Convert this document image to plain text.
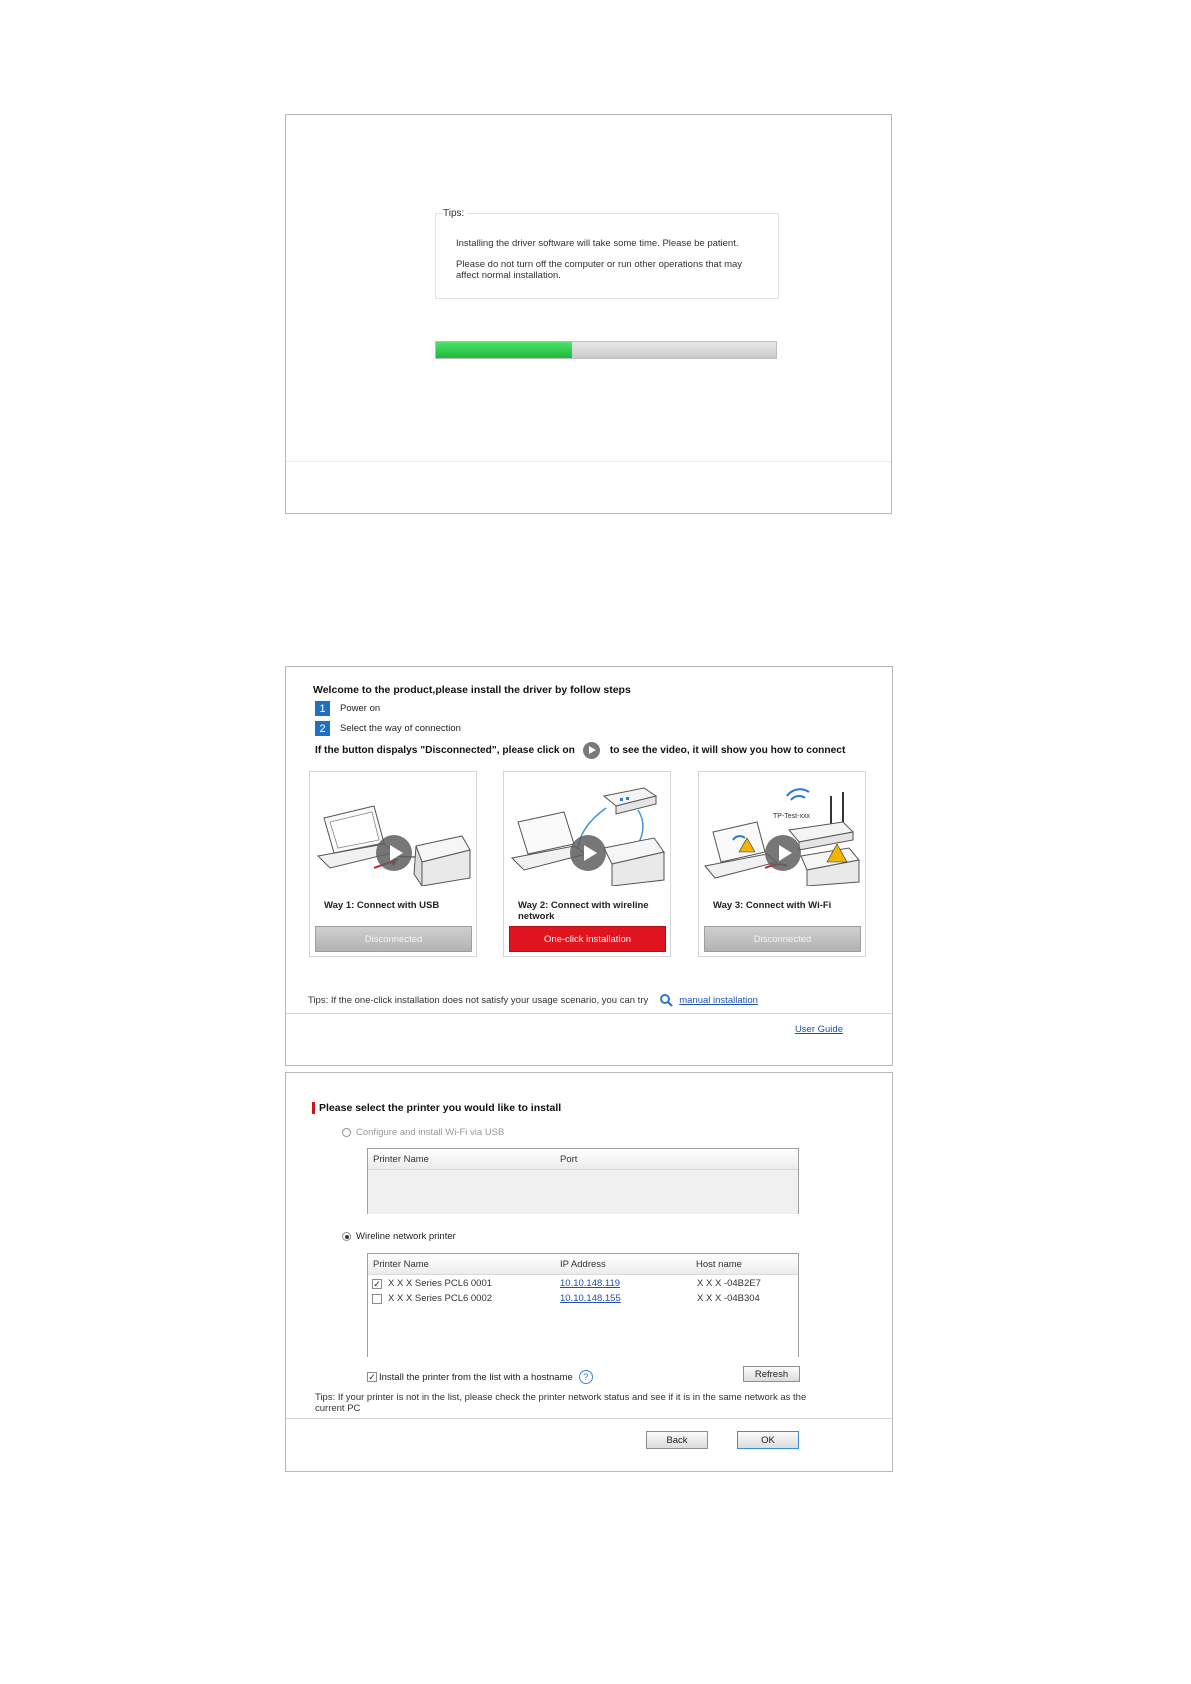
Tips:
Installing the driver software will take some time. Please be patient.
Please do not turn off the computer or run other operations that may affect normal installation.
Welcome to the product,please install the driver by follow steps
1	Power on
2	Select the way of connection
If the button dispalys "Disconnected", please click on	to see the video, it will show you how to connect
Way 1: Connect with USB
Disconnected
Way 2: Connect with wireline network
One-click installation
TP-Test-xxx
Way 3: Connect with Wi-Fi
Disconnected
Tips: If the one-click installation does not satisfy your usage scenario, you can try	manual installation
User Guide
Please select the printer you would like to install
Configure and install Wi-Fi via USB
Printer Name	Port
Wireline network printer
Printer Name	IP Address	Host name
✓ X X X Series PCL6 0001	10.10.148.119	X X X -04B2E7
X X X Series PCL6 0002	10.10.148.155	X X X -04B304
✓ Install the printer from the list with a hostname	?	Refresh
Tips: If your printer is not in the list, please check the printer network status and see if it is in the same network as the current PC
Back	OK
